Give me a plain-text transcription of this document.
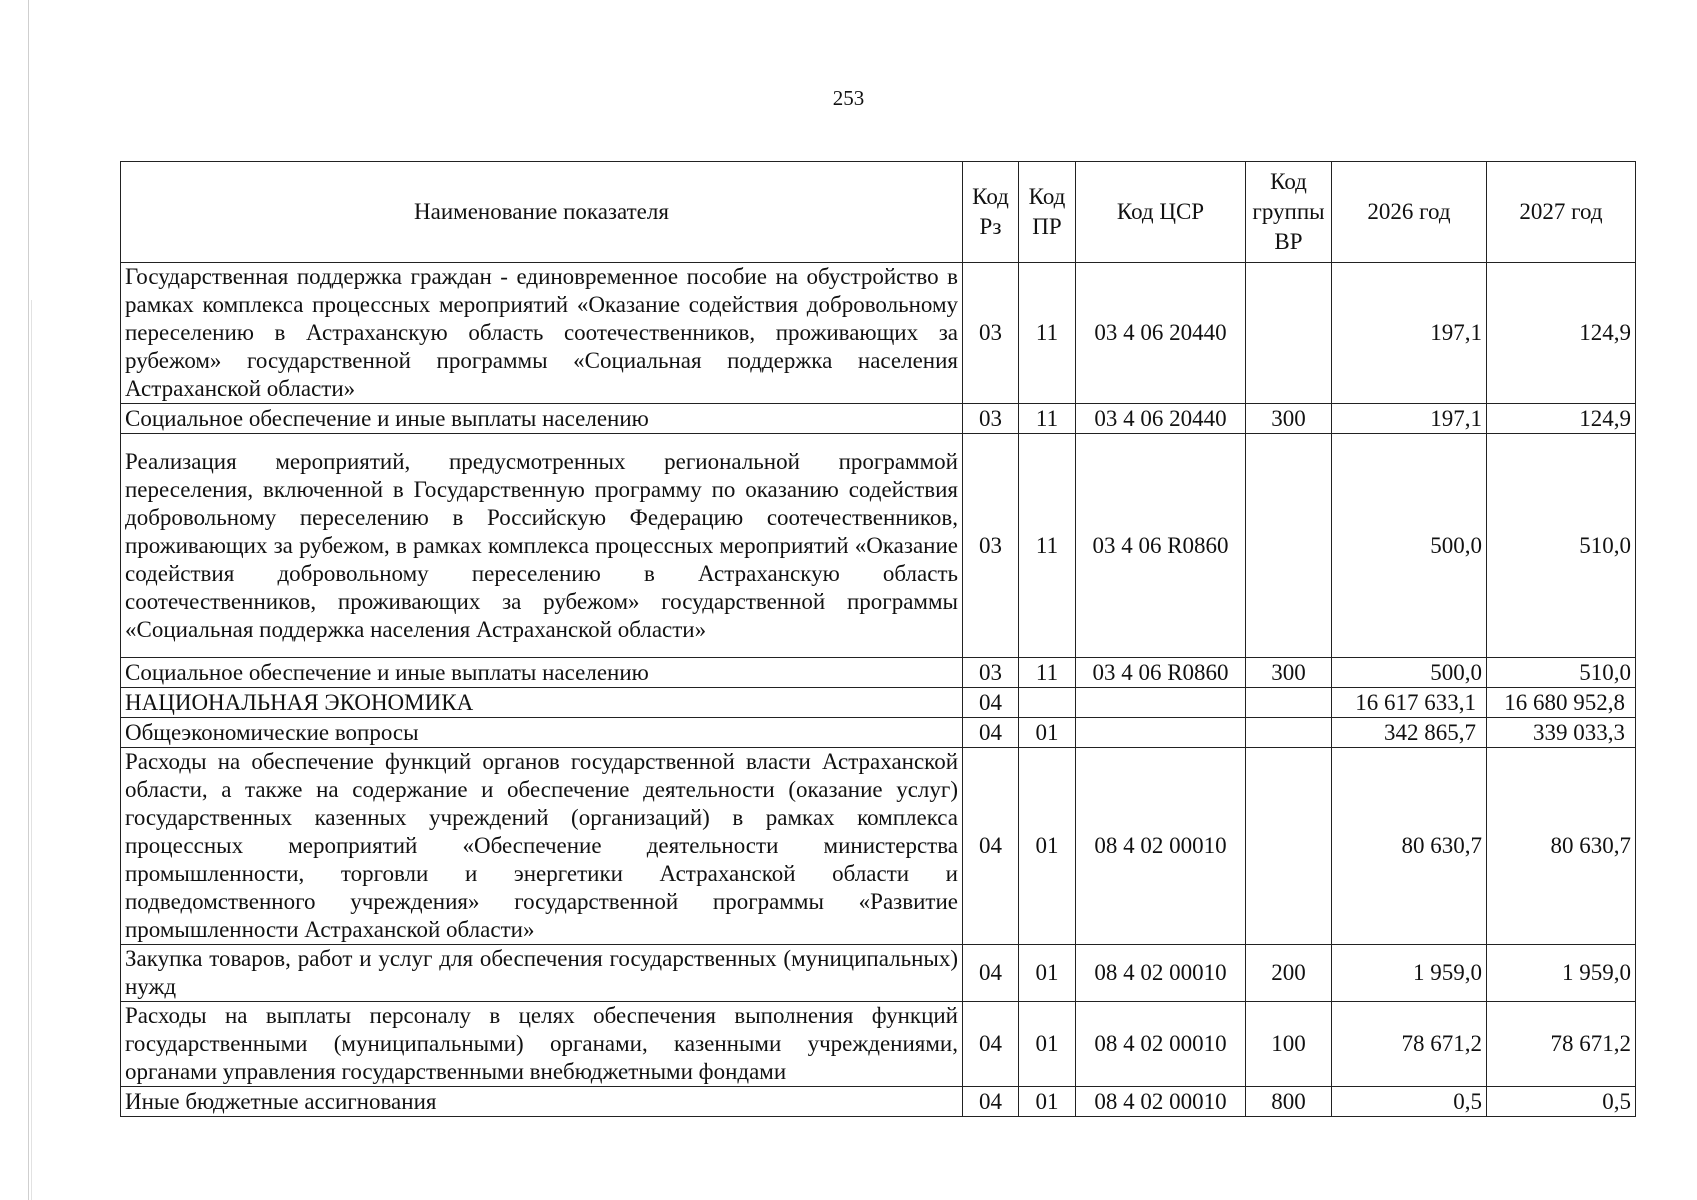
253
Наименование показателя	Код Рз	Код ПР	Код ЦСР	Код группы ВР	2026 год	2027 год
Государственная поддержка граждан - единовременное пособие на обустройство в рамках комплекса процессных мероприятий «Оказание содействия добровольному переселению в Астраханскую область соотечественников, проживающих за рубежом» государственной программы «Социальная поддержка населения Астраханской области»	03	11	03 4 06 20440		197,1	124,9
Социальное обеспечение и иные выплаты населению	03	11	03 4 06 20440	300	197,1	124,9
Реализация мероприятий, предусмотренных региональной программой переселения, включенной в Государственную программу по оказанию содействия добровольному переселению в Российскую Федерацию соотечественников, проживающих за рубежом, в рамках комплекса процессных мероприятий «Оказание содействия добровольному переселению в Астраханскую область соотечественников, проживающих за рубежом» государственной программы «Социальная поддержка населения Астраханской области»	03	11	03 4 06 R0860		500,0	510,0
Социальное обеспечение и иные выплаты населению	03	11	03 4 06 R0860	300	500,0	510,0
НАЦИОНАЛЬНАЯ ЭКОНОМИКА	04				16 617 633,1	16 680 952,8
Общеэкономические вопросы	04	01			342 865,7	339 033,3
Расходы на обеспечение функций органов государственной власти Астраханской области, а также на содержание и обеспечение деятельности (оказание услуг) государственных казенных учреждений (организаций) в рамках комплекса процессных мероприятий «Обеспечение деятельности министерства промышленности, торговли и энергетики Астраханской области и подведомственного учреждения» государственной программы «Развитие промышленности Астраханской области»	04	01	08 4 02 00010		80 630,7	80 630,7
Закупка товаров, работ и услуг для обеспечения государственных (муниципальных) нужд	04	01	08 4 02 00010	200	1 959,0	1 959,0
Расходы на выплаты персоналу в целях обеспечения выполнения функций государственными (муниципальными) органами, казенными учреждениями, органами управления государственными внебюджетными фондами	04	01	08 4 02 00010	100	78 671,2	78 671,2
Иные бюджетные ассигнования	04	01	08 4 02 00010	800	0,5	0,5
